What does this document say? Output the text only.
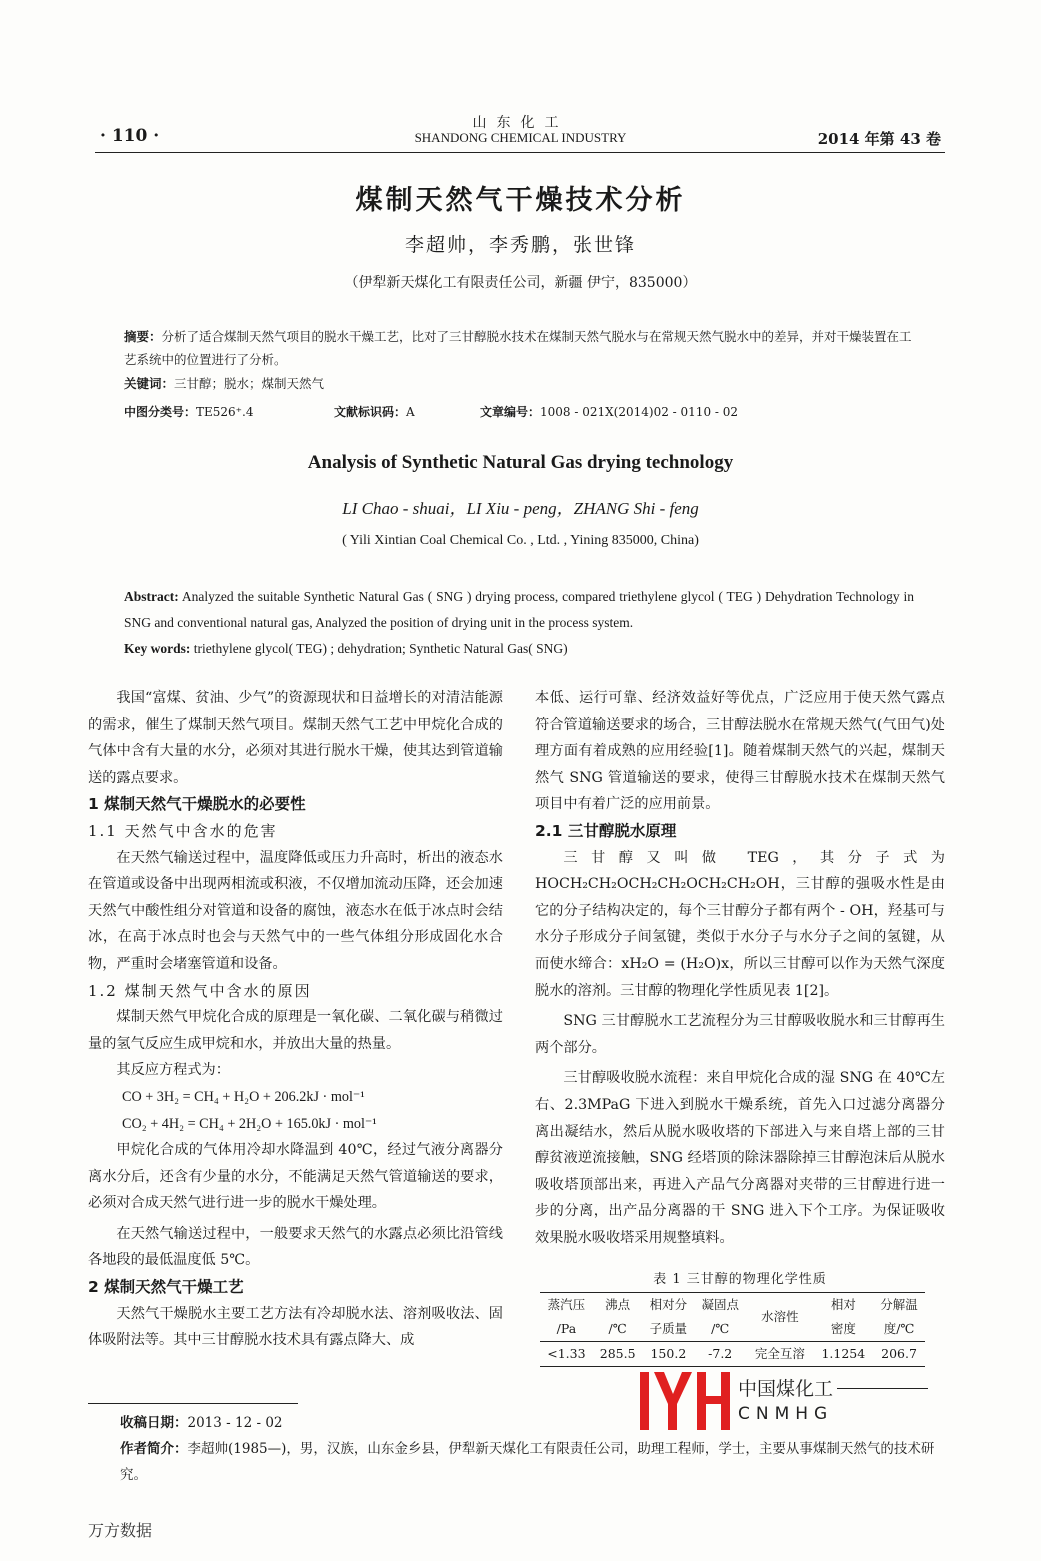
· 110 ·
山东化工
SHANDONG CHEMICAL INDUSTRY	2014 年第 43 卷
煤制天然气干燥技术分析
李超帅，李秀鹏，张世锋
（伊犁新天煤化工有限责任公司，新疆 伊宁，835000）
摘要：分析了适合煤制天然气项目的脱水干燥工艺，比对了三甘醇脱水技术在煤制天然气脱水与在常规天然气脱水中的差异，并对干燥装置在工艺系统中的位置进行了分析。
关键词：三甘醇；脱水；煤制天然气
中图分类号：TE526⁺.4	文献标识码：A	文章编号：1008 - 021X(2014)02 - 0110 - 02
Analysis of Synthetic Natural Gas drying technology
LI Chao - shuai，LI Xiu - peng，ZHANG Shi - feng
( Yili Xintian Coal Chemical Co. , Ltd. , Yining 835000, China)
Abstract: Analyzed the suitable Synthetic Natural Gas ( SNG ) drying process, compared triethylene glycol ( TEG ) Dehydration Technology in SNG and conventional natural gas, Analyzed the position of drying unit in the process system.
Key words: triethylene glycol( TEG) ; dehydration; Synthetic Natural Gas( SNG)

我国“富煤、贫油、少气”的资源现状和日益增长的对清洁能源的需求，催生了煤制天然气项目。煤制天然气工艺中甲烷化合成的气体中含有大量的水分，必须对其进行脱水干燥，使其达到管道输送的露点要求。

1 煤制天然气干燥脱水的必要性

1.1 天然气中含水的危害

在天然气输送过程中，温度降低或压力升高时，析出的液态水在管道或设备中出现两相流或积液，不仅增加流动压降，还会加速天然气中酸性组分对管道和设备的腐蚀，液态水在低于冰点时会结冰，在高于冰点时也会与天然气中的一些气体组分形成固化水合物，严重时会堵塞管道和设备。

1.2 煤制天然气中含水的原因

煤制天然气甲烷化合成的原理是一氧化碳、二氧化碳与稍微过量的氢气反应生成甲烷和水，并放出大量的热量。

其反应方程式为：

CO + 3H₂ = CH₄ + H₂O + 206.2kJ · mol⁻¹

CO₂ + 4H₂ = CH₄ + 2H₂O + 165.0kJ · mol⁻¹

甲烷化合成的气体用冷却水降温到 40℃，经过气液分离器分离水分后，还含有少量的水分，不能满足天然气管道输送的要求，必须对合成天然气进行进一步的脱水干燥处理。

在天然气输送过程中，一般要求天然气的水露点必须比沿管线各地段的最低温度低 5℃。

2 煤制天然气干燥工艺

天然气干燥脱水主要工艺方法有冷却脱水法、溶剂吸收法、固体吸附法等。其中三甘醇脱水技术具有露点降大、成

本低、运行可靠、经济效益好等优点，广泛应用于使天然气露点符合管道输送要求的场合，三甘醇法脱水在常规天然气(气田气)处理方面有着成熟的应用经验[1]。随着煤制天然气的兴起，煤制天然气 SNG 管道输送的要求，使得三甘醇脱水技术在煤制天然气项目中有着广泛的应用前景。

2.1 三甘醇脱水原理

三甘醇又叫做 TEG，其分子式为 HOCH₂CH₂OCH₂CH₂OCH₂CH₂OH，三甘醇的强吸水性是由它的分子结构决定的，每个三甘醇分子都有两个 - OH，羟基可与水分子形成分子间氢键，类似于水分子与水分子之间的氢键，从而使水缔合：xH₂O = (H₂O)x，所以三甘醇可以作为天然气深度脱水的溶剂。三甘醇的物理化学性质见表 1[2]。

SNG 三甘醇脱水工艺流程分为三甘醇吸收脱水和三甘醇再生两个部分。

三甘醇吸收脱水流程：来自甲烷化合成的湿 SNG 在 40℃左右、2.3MPaG 下进入到脱水干燥系统，首先入口过滤分离器分离出凝结水，然后从脱水吸收塔的下部进入与来自塔上部的三甘醇贫液逆流接触，SNG 经塔顶的除沫器除掉三甘醇泡沫后从脱水吸收塔顶部出来，再进入产品气分离器对夹带的三甘醇进行进一步的分离，出产品分离器的干 SNG 进入下个工序。为保证吸收效果脱水吸收塔采用规整填料。

表 1 三甘醇的物理化学性质
蒸汽压	沸点	相对分	凝固点	水溶性	相对	分解温
/Pa	/℃	子质量	/℃		密度	度/℃
<1.33	285.5	150.2	-7.2	完全互溶	1.1254	206.7
中国煤化工
CNMHG
收稿日期：2013 - 12 - 02
作者简介：李超帅(1985—)，男，汉族，山东金乡县，伊犁新天煤化工有限责任公司，助理工程师，学士，主要从事煤制天然气的技术研究。
万方数据
